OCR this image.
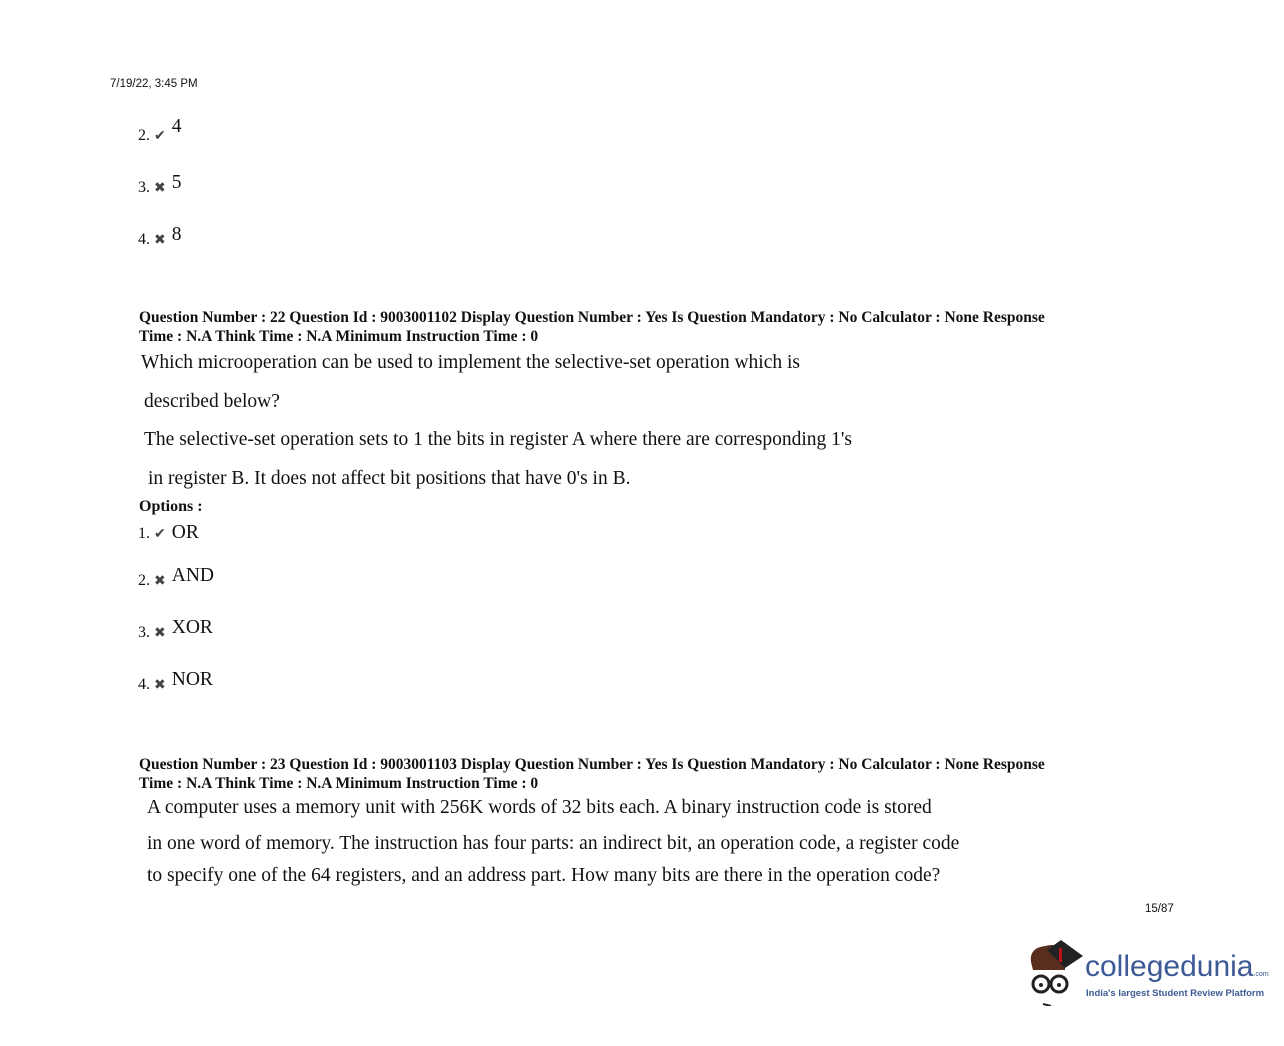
7/19/22, 3:45 PM
2. ✔ 4
3. ✖ 5
4. ✖ 8
Question Number : 22 Question Id : 9003001102 Display Question Number : Yes Is Question Mandatory : No Calculator : None Response
Time : N.A Think Time : N.A Minimum Instruction Time : 0
Which microoperation can be used to implement the selective-set operation which is
described below?
The selective-set operation sets to 1 the bits in register A where there are corresponding 1's
in register B. It does not affect bit positions that have 0's in B.
Options :
1. ✔ OR
2. ✖ AND
3. ✖ XOR
4. ✖ NOR
Question Number : 23 Question Id : 9003001103 Display Question Number : Yes Is Question Mandatory : No Calculator : None Response
Time : N.A Think Time : N.A Minimum Instruction Time : 0
A computer uses a memory unit with 256K words of 32 bits each. A binary instruction code is stored
in one word of memory. The instruction has four parts: an indirect bit, an operation code, a register code
to specify one of the 64 registers, and an address part. How many bits are there in the operation code?
15/87
collegedunia.com
India's largest Student Review Platform
